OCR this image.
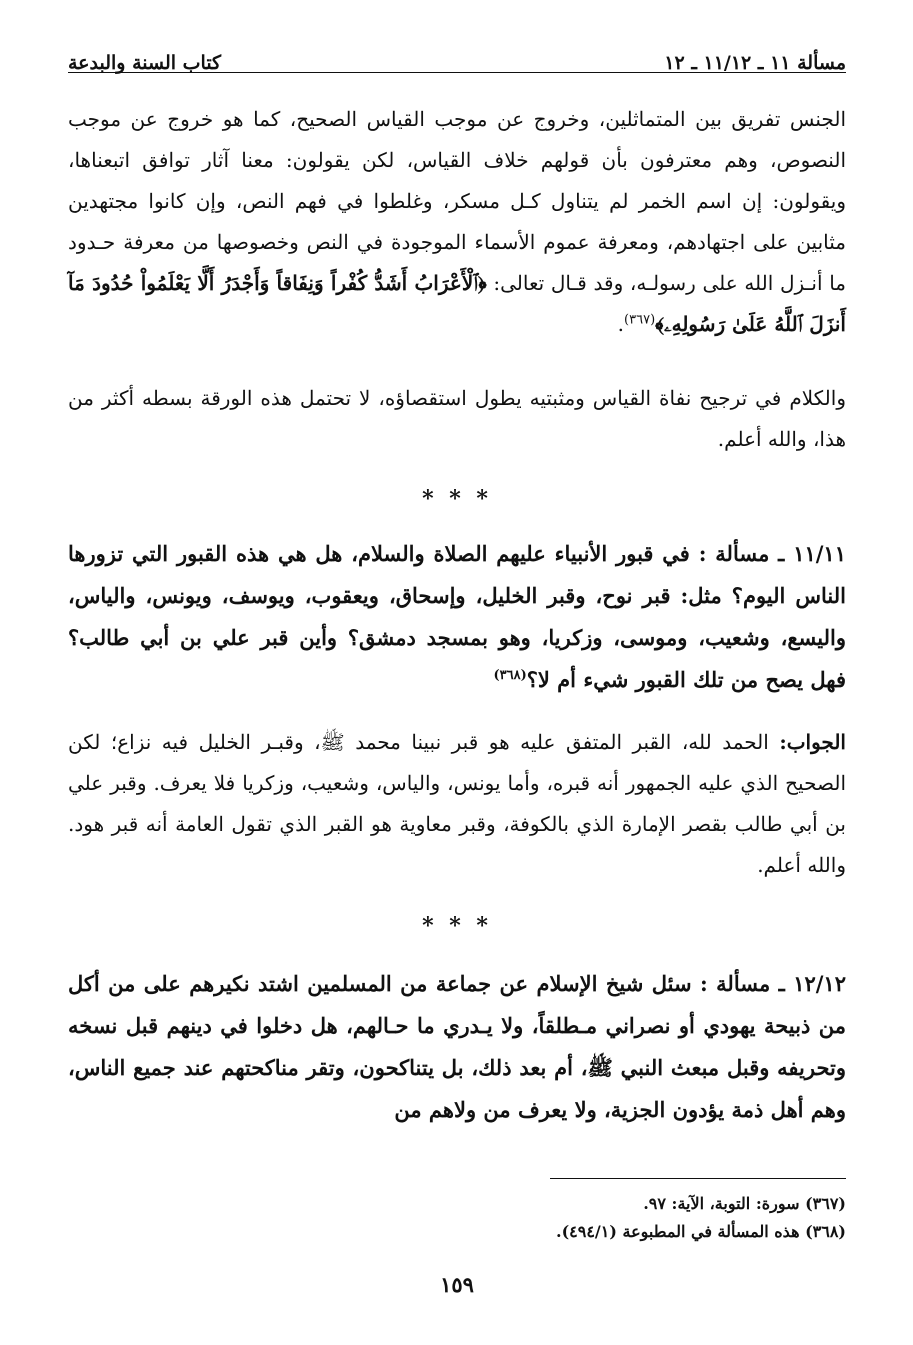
مسألة ١١ ـ ١١/١٢ ـ ١٢
كتاب السنة والبدعة

الجنس تفريق بين المتماثلين، وخروج عن موجب القياس الصحيح، كما هو خروج عن موجب النصوص، وهم معترفون بأن قولهم خلاف القياس، لكن يقولون: معنا آثار توافق اتبعناها، ويقولون: إن اسم الخمر لم يتناول كـل مسكر، وغلطوا في فهم النص، وإن كانوا مجتهدين مثابين على اجتهادهم، ومعرفة عموم الأسماء الموجودة في النص وخصوصها من معرفة حـدود ما أنـزل الله على رسولـه، وقد قـال تعالى: ﴿ٱلْأَعْرَابُ أَشَدُّ كُفْراً وَنِفَاقاً وَأَجْدَرُ أَلَّا يَعْلَمُواْ حُدُودَ مَآ أَنزَلَ ٱللَّهُ عَلَىٰ رَسُولِهِۦ﴾$^{(٣٦٧)}$.

والكلام في ترجيح نفاة القياس ومثبتيه يطول استقصاؤه، لا تحتمل هذه الورقة بسطه أكثر من هذا، والله أعلم.

* * *

١١/١١ ـ مسألة : في قبور الأنبياء عليهم الصلاة والسلام، هل هي هذه القبور التي تزورها الناس اليوم؟ مثل: قبر نوح، وقبر الخليل، وإسحاق، ويعقوب، ويوسف، ويونس، والياس، واليسع، وشعيب، وموسى، وزكريا، وهو بمسجد دمشق؟ وأين قبر علي بن أبي طالب؟ فهل يصح من تلك القبور شيء أم لا؟$^{(٣٦٨)}$

الجواب: الحمد لله، القبر المتفق عليه هو قبر نبينا محمد ﷺ، وقبـر الخليل فيه نزاع؛ لكن الصحيح الذي عليه الجمهور أنه قبره، وأما يونس، والياس، وشعيب، وزكريا فلا يعرف. وقبر علي بن أبي طالب بقصر الإمارة الذي بالكوفة، وقبر معاوية هو القبر الذي تقول العامة أنه قبر هود. والله أعلم.

* * *

١٢/١٢ ـ مسألة : سئل شيخ الإسلام عن جماعة من المسلمين اشتد نكيرهم على من أكل من ذبيحة يهودي أو نصراني مـطلقاً، ولا يـدري ما حـالهم، هل دخلوا في دينهم قبل نسخه وتحريفه وقبل مبعث النبي ﷺ، أم بعد ذلك، بل يتناكحون، وتقر مناكحتهم عند جميع الناس، وهم أهل ذمة يؤدون الجزية، ولا يعرف من ولاهم من

(٣٦٧) سورة: التوبة، الآية: ٩٧.
(٣٦٨) هذه المسألة في المطبوعة (٤٩٤/١).
١٥٩
